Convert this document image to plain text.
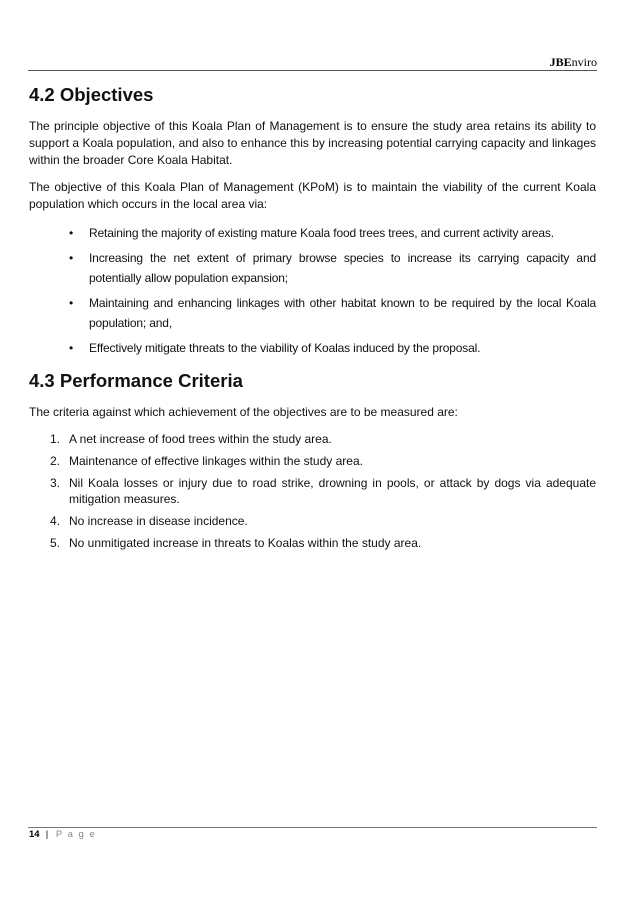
JBEnviro
4.2 Objectives

The principle objective of this Koala Plan of Management is to ensure the study area retains its ability to support a Koala population, and also to enhance this by increasing potential carrying capacity and linkages within the broader Core Koala Habitat.

The objective of this Koala Plan of Management (KPoM) is to maintain the viability of the current Koala population which occurs in the local area via:

• Retaining the majority of existing mature Koala food trees trees, and current activity areas.
• Increasing the net extent of primary browse species to increase its carrying capacity and potentially allow population expansion;
• Maintaining and enhancing linkages with other habitat known to be required by the local Koala population; and,
• Effectively mitigate threats to the viability of Koalas induced by the proposal.
4.3 Performance Criteria

The criteria against which achievement of the objectives are to be measured are:

1. A net increase of food trees within the study area.
2. Maintenance of effective linkages within the study area.
3. Nil Koala losses or injury due to road strike, drowning in pools, or attack by dogs via adequate mitigation measures.
4. No increase in disease incidence.
5. No unmitigated increase in threats to Koalas within the study area.
14 | P a g e
